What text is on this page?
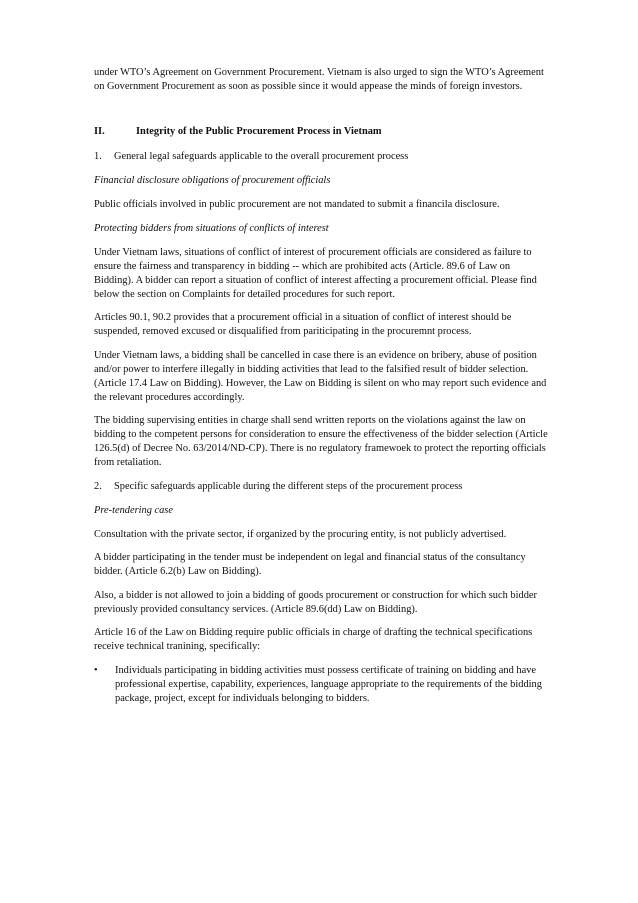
under WTO’s Agreement on Government Procurement. Vietnam is also urged to sign the WTO’s Agreement on Government Procurement as soon as possible since it would appease the minds of foreign investors.

II.	Integrity of the Public Procurement Process in Vietnam
1.	General legal safeguards applicable to the overall procurement process

Financial disclosure obligations of procurement officials

Public officials involved in public procurement are not mandated to submit a financila disclosure.

Protecting bidders from situations of conflicts of interest

Under Vietnam laws, situations of conflict of interest of procurement officials are considered as failure to ensure the fairness and transparency in bidding -- which are prohibited acts (Article. 89.6 of Law on Bidding). A bidder can report a situation of conflict of interest affecting a procurement official. Please find below the section on Complaints for detailed procedures for such report.

Articles 90.1, 90.2 provides that a procurement official in a situation of conflict of interest should be suspended, removed excused or disqualified from pariticipating in the procuremnt process.

Under Vietnam laws, a bidding shall be cancelled in case there is an evidence on bribery, abuse of position and/or power to interfere illegally in bidding activities that lead to the falsified result of bidder selection. (Article 17.4 Law on Bidding). However, the Law on Bidding is silent on who may report such evidence and the relevant procedures accordingly.

The bidding supervising entities in charge shall send written reports on the violations against the law on bidding to the competent persons for consideration to ensure the effectiveness of the bidder selection (Article 126.5(d) of Decree No. 63/2014/ND-CP). There is no regulatory framewoek to protect the reporting officials from retaliation.

2.	Specific safeguards applicable during the different steps of the procurement process

Pre-tendering case

Consultation with the private sector, if organized by the procuring entity, is not publicly advertised.

A bidder participating in the tender must be independent on legal and financial status of the consultancy bidder. (Article 6.2(b) Law on Bidding).

Also, a bidder is not allowed to join a bidding of goods procurement or construction for which such bidder previously provided consultancy services. (Article 89.6(dd) Law on Bidding).

Article 16 of the Law on Bidding require public officials in charge of drafting the technical specifications receive technical tranining, specifically:

•	Individuals participating in bidding activities must possess certificate of training on bidding and have professional expertise, capability, experiences, language appropriate to the requirements of the bidding package, project, except for individuals belonging to bidders.
